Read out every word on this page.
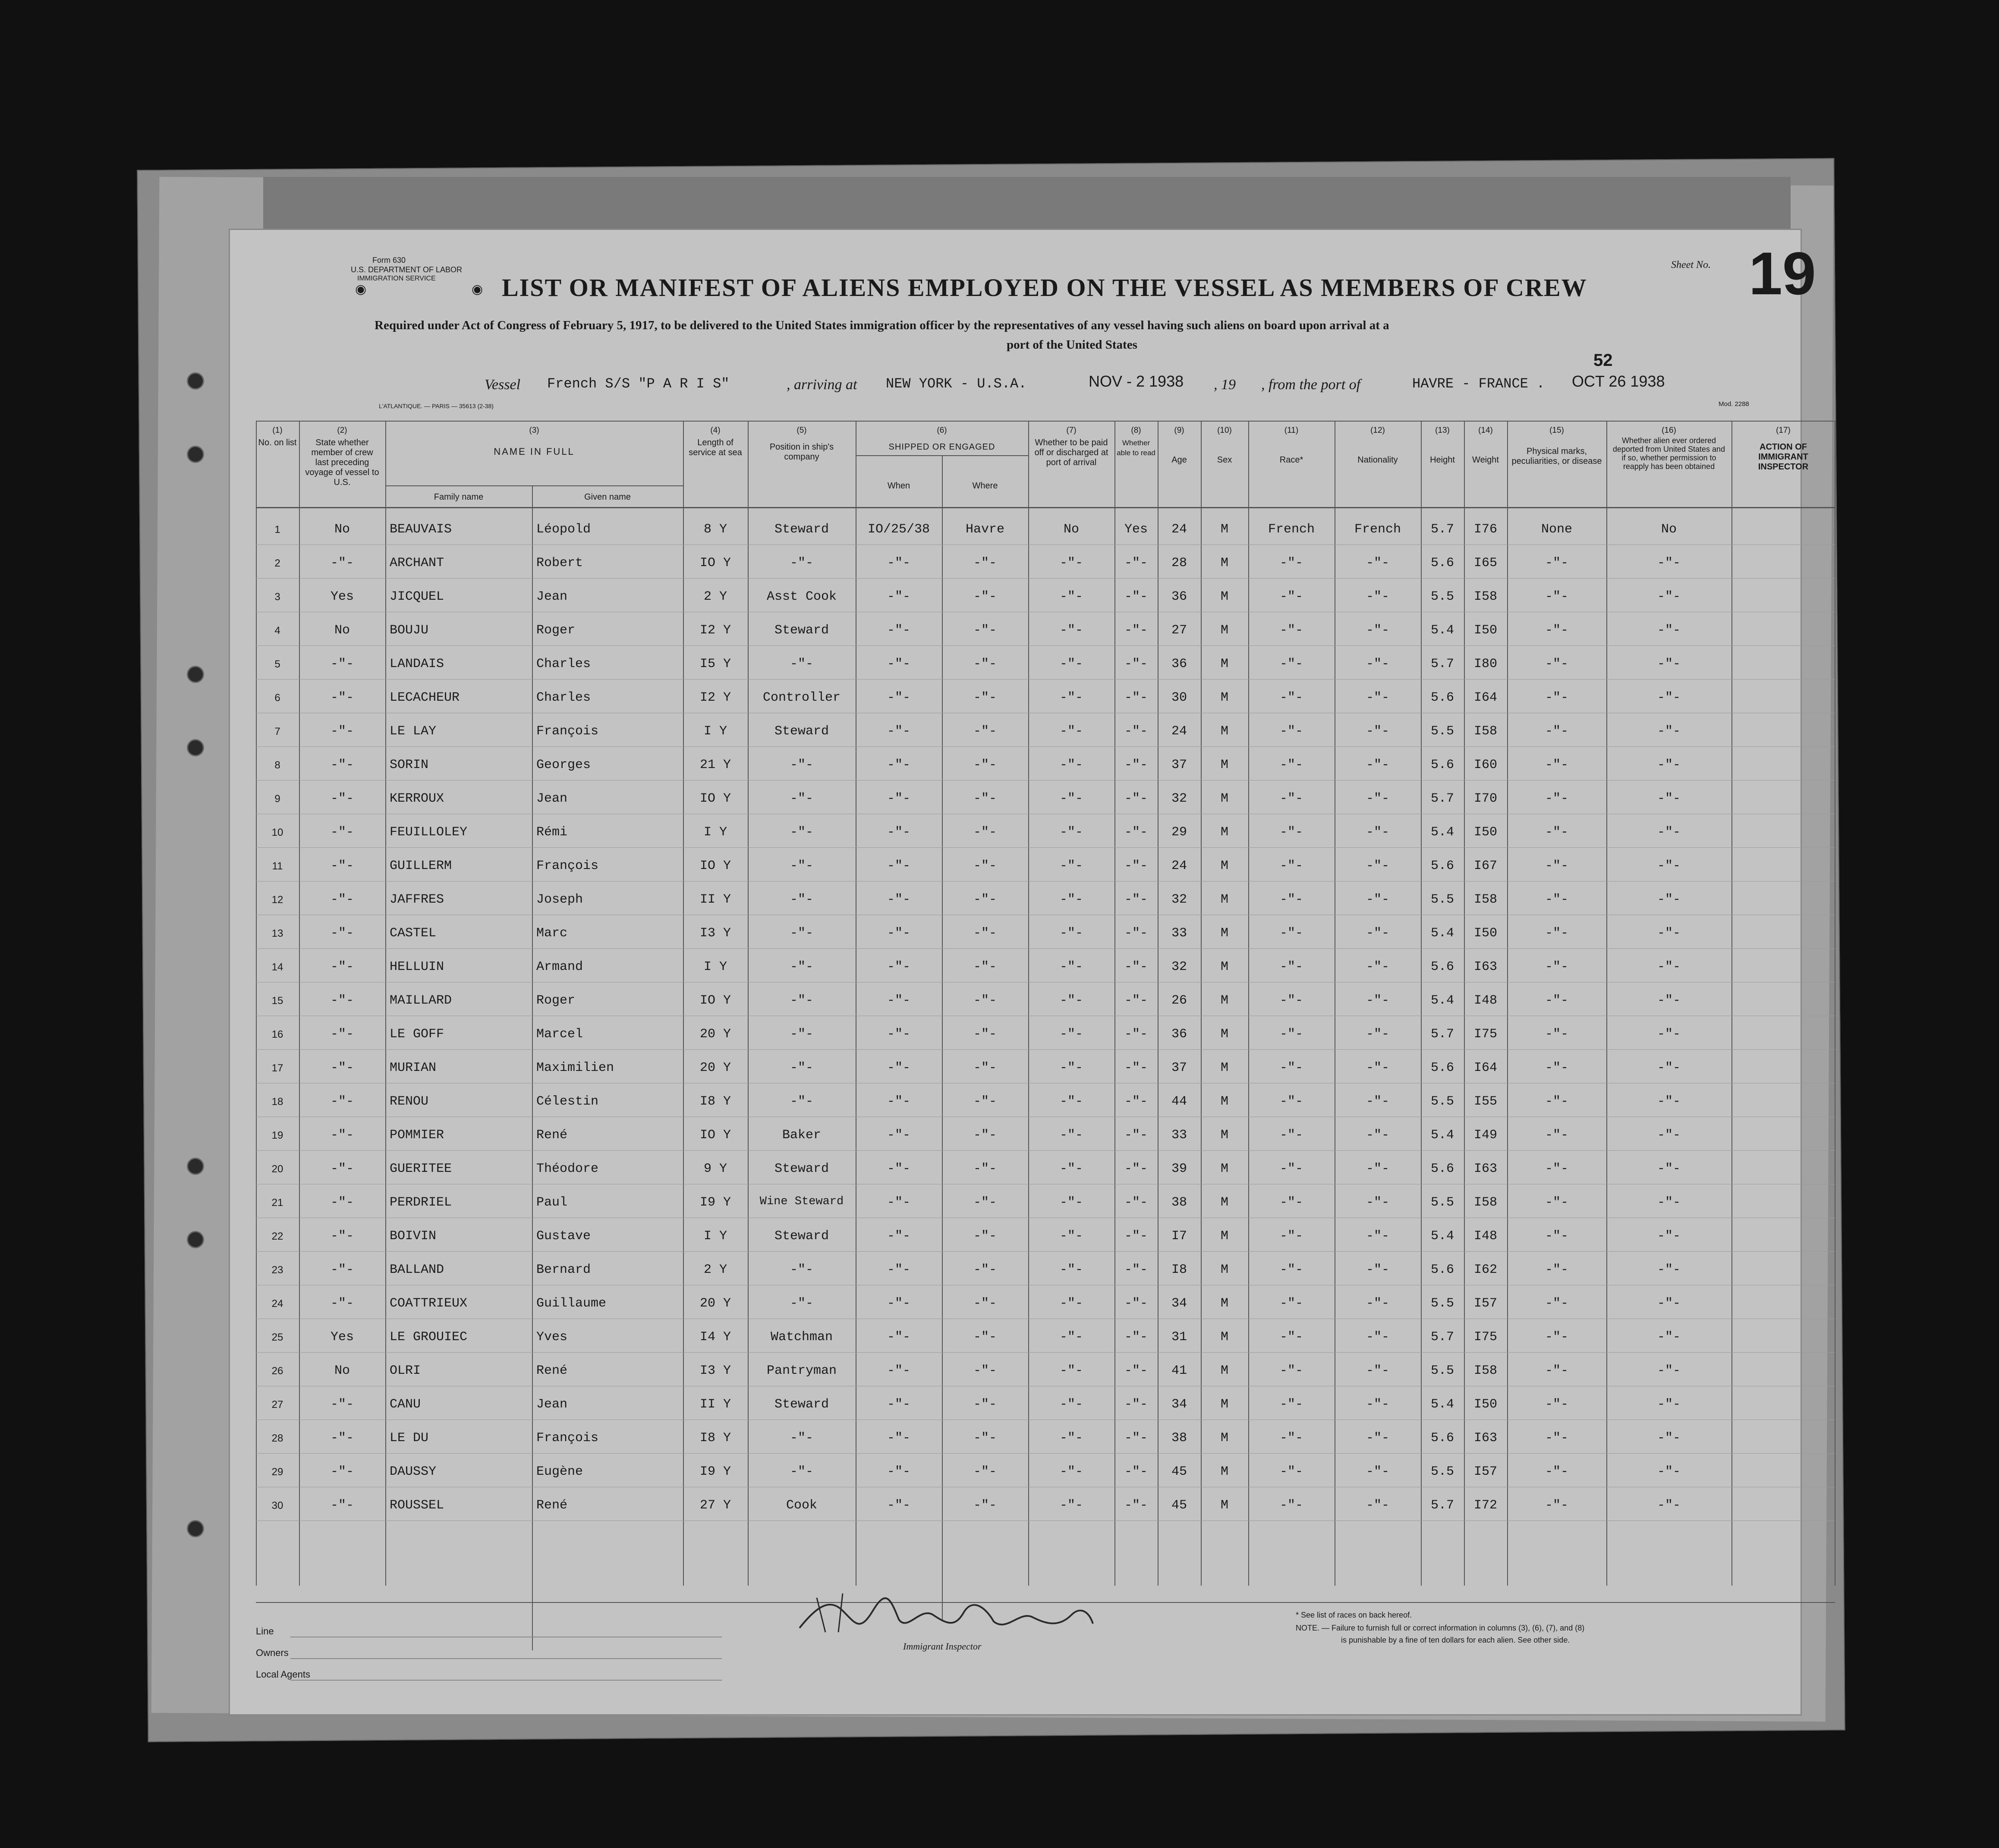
Form 630
U.S. DEPARTMENT OF LABOR
IMMIGRATION SERVICE
◉	◉ LIST OR MANIFEST OF ALIENS EMPLOYED ON THE VESSEL AS MEMBERS OF CREW
Sheet No. 19
Required under Act of Congress of February 5, 1917, to be delivered to the United States immigration officer by the representatives of any vessel having such aliens on board upon arrival at a
port of the United States
Vessel French S/S "P A R I S"	, arriving at NEW YORK - U.S.A.	NOV - 2 1938 , 19 , from the port of	HAVRE - FRANCE .
52
OCT 26 1938
L'ATLANTIQUE. — PARIS — 35613 (2-38)	Mod. 2288
(1)
No. on list
(2)
State whether member of crew last preceding voyage of vessel to U.S.
(3)
NAME IN FULL
Family name	Given name
(4)
Length of service at sea
(5)
Position in ship's company
(6)
SHIPPED OR ENGAGED
When	Where
(7)
Whether to be paid off or discharged at port of arrival
(8)
Whether able to read
(9)
Age
(10)
Sex
(11)
Race*
(12)
Nationality
(13)
Height
(14)
Weight
(15)
Physical marks, peculiarities, or disease
(16)
Whether alien ever ordered deported from United States and if so, whether permission to reapply has been obtained
(17)
ACTION OF IMMIGRANT INSPECTOR
1	No	BEAUVAIS	Léopold	8 Y	Steward	IO/25/38	Havre	No	Yes	24	M	French	French	5.7	I76	None	No
2	-"-	ARCHANT	Robert	IO Y	-"-	-"-	-"-	-"-	-"-	28	M	-"-	-"-	5.6	I65	-"-	-"-
3	Yes	JICQUEL	Jean	2 Y	Asst Cook	-"-	-"-	-"-	-"-	36	M	-"-	-"-	5.5	I58	-"-	-"-
4	No	BOUJU	Roger	I2 Y	Steward	-"-	-"-	-"-	-"-	27	M	-"-	-"-	5.4	I50	-"-	-"-
5	-"-	LANDAIS	Charles	I5 Y	-"-	-"-	-"-	-"-	-"-	36	M	-"-	-"-	5.7	I80	-"-	-"-
6	-"-	LECACHEUR	Charles	I2 Y	Controller	-"-	-"-	-"-	-"-	30	M	-"-	-"-	5.6	I64	-"-	-"-
7	-"-	LE LAY	François	I Y	Steward	-"-	-"-	-"-	-"-	24	M	-"-	-"-	5.5	I58	-"-	-"-
8	-"-	SORIN	Georges	21 Y	-"-	-"-	-"-	-"-	-"-	37	M	-"-	-"-	5.6	I60	-"-	-"-
9	-"-	KERROUX	Jean	IO Y	-"-	-"-	-"-	-"-	-"-	32	M	-"-	-"-	5.7	I70	-"-	-"-
10	-"-	FEUILLOLEY	Rémi	I Y	-"-	-"-	-"-	-"-	-"-	29	M	-"-	-"-	5.4	I50	-"-	-"-
11	-"-	GUILLERM	François	IO Y	-"-	-"-	-"-	-"-	-"-	24	M	-"-	-"-	5.6	I67	-"-	-"-
12	-"-	JAFFRES	Joseph	II Y	-"-	-"-	-"-	-"-	-"-	32	M	-"-	-"-	5.5	I58	-"-	-"-
13	-"-	CASTEL	Marc	I3 Y	-"-	-"-	-"-	-"-	-"-	33	M	-"-	-"-	5.4	I50	-"-	-"-
14	-"-	HELLUIN	Armand	I Y	-"-	-"-	-"-	-"-	-"-	32	M	-"-	-"-	5.6	I63	-"-	-"-
15	-"-	MAILLARD	Roger	IO Y	-"-	-"-	-"-	-"-	-"-	26	M	-"-	-"-	5.4	I48	-"-	-"-
16	-"-	LE GOFF	Marcel	20 Y	-"-	-"-	-"-	-"-	-"-	36	M	-"-	-"-	5.7	I75	-"-	-"-
17	-"-	MURIAN	Maximilien	20 Y	-"-	-"-	-"-	-"-	-"-	37	M	-"-	-"-	5.6	I64	-"-	-"-
18	-"-	RENOU	Célestin	I8 Y	-"-	-"-	-"-	-"-	-"-	44	M	-"-	-"-	5.5	I55	-"-	-"-
19	-"-	POMMIER	René	IO Y	Baker	-"-	-"-	-"-	-"-	33	M	-"-	-"-	5.4	I49	-"-	-"-
20	-"-	GUERITEE	Théodore	9 Y	Steward	-"-	-"-	-"-	-"-	39	M	-"-	-"-	5.6	I63	-"-	-"-
21	-"-	PERDRIEL	Paul	I9 Y	Wine Steward	-"-	-"-	-"-	-"-	38	M	-"-	-"-	5.5	I58	-"-	-"-
22	-"-	BOIVIN	Gustave	I Y	Steward	-"-	-"-	-"-	-"-	I7	M	-"-	-"-	5.4	I48	-"-	-"-
23	-"-	BALLAND	Bernard	2 Y	-"-	-"-	-"-	-"-	-"-	I8	M	-"-	-"-	5.6	I62	-"-	-"-
24	-"-	COATTRIEUX	Guillaume	20 Y	-"-	-"-	-"-	-"-	-"-	34	M	-"-	-"-	5.5	I57	-"-	-"-
25	Yes	LE GROUIEC	Yves	I4 Y	Watchman	-"-	-"-	-"-	-"-	31	M	-"-	-"-	5.7	I75	-"-	-"-
26	No	OLRI	René	I3 Y	Pantryman	-"-	-"-	-"-	-"-	41	M	-"-	-"-	5.5	I58	-"-	-"-
27	-"-	CANU	Jean	II Y	Steward	-"-	-"-	-"-	-"-	34	M	-"-	-"-	5.4	I50	-"-	-"-
28	-"-	LE DU	François	I8 Y	-"-	-"-	-"-	-"-	-"-	38	M	-"-	-"-	5.6	I63	-"-	-"-
29	-"-	DAUSSY	Eugène	I9 Y	-"-	-"-	-"-	-"-	-"-	45	M	-"-	-"-	5.5	I57	-"-	-"-
30	-"-	ROUSSEL	René	27 Y	Cook	-"-	-"-	-"-	-"-	45	M	-"-	-"-	5.7	I72	-"-	-"-
Line
Owners
Local Agents
Immigrant Inspector
* See list of races on back hereof.
NOTE. — Failure to furnish full or correct information in columns (3), (6), (7), and (8)
is punishable by a fine of ten dollars for each alien. See other side.
